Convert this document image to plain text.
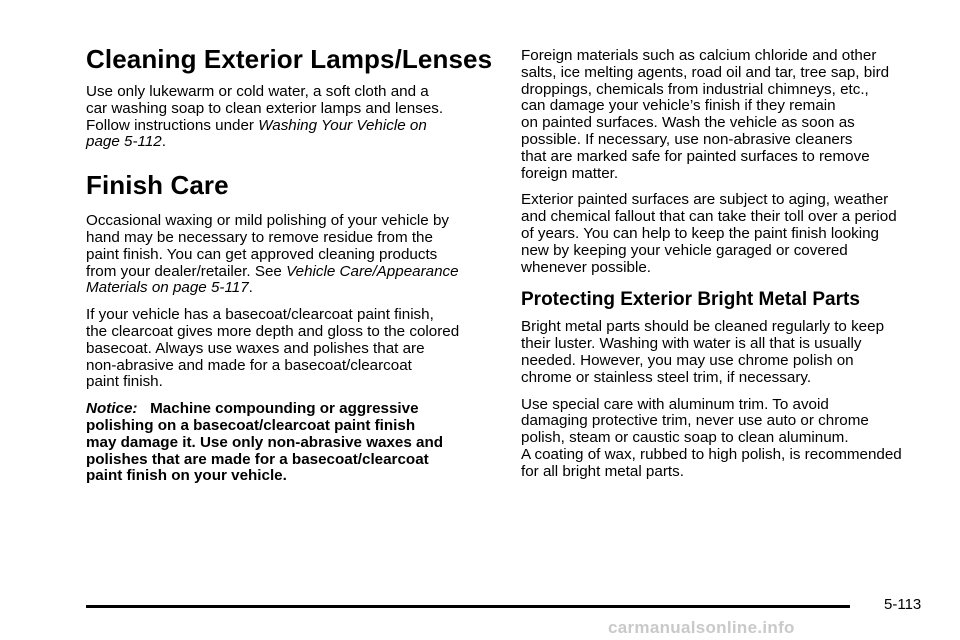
Cleaning Exterior Lamps/Lenses

Use only lukewarm or cold water, a soft cloth and a
car washing soap to clean exterior lamps and lenses.
Follow instructions under Washing Your Vehicle on
page 5-112.

Finish Care

Occasional waxing or mild polishing of your vehicle by
hand may be necessary to remove residue from the
paint finish. You can get approved cleaning products
from your dealer/retailer. See Vehicle Care/Appearance
Materials on page 5-117.

If your vehicle has a basecoat/clearcoat paint finish,
the clearcoat gives more depth and gloss to the colored
basecoat. Always use waxes and polishes that are
non-abrasive and made for a basecoat/clearcoat
paint finish.

Notice: Machine compounding or aggressive
polishing on a basecoat/clearcoat paint finish
may damage it. Use only non-abrasive waxes and
polishes that are made for a basecoat/clearcoat
paint finish on your vehicle.

Foreign materials such as calcium chloride and other
salts, ice melting agents, road oil and tar, tree sap, bird
droppings, chemicals from industrial chimneys, etc.,
can damage your vehicle’s finish if they remain
on painted surfaces. Wash the vehicle as soon as
possible. If necessary, use non-abrasive cleaners
that are marked safe for painted surfaces to remove
foreign matter.

Exterior painted surfaces are subject to aging, weather
and chemical fallout that can take their toll over a period
of years. You can help to keep the paint finish looking
new by keeping your vehicle garaged or covered
whenever possible.

Protecting Exterior Bright Metal Parts

Bright metal parts should be cleaned regularly to keep
their luster. Washing with water is all that is usually
needed. However, you may use chrome polish on
chrome or stainless steel trim, if necessary.

Use special care with aluminum trim. To avoid
damaging protective trim, never use auto or chrome
polish, steam or caustic soap to clean aluminum.
A coating of wax, rubbed to high polish, is recommended
for all bright metal parts.

5-113
carmanualsonline.info
